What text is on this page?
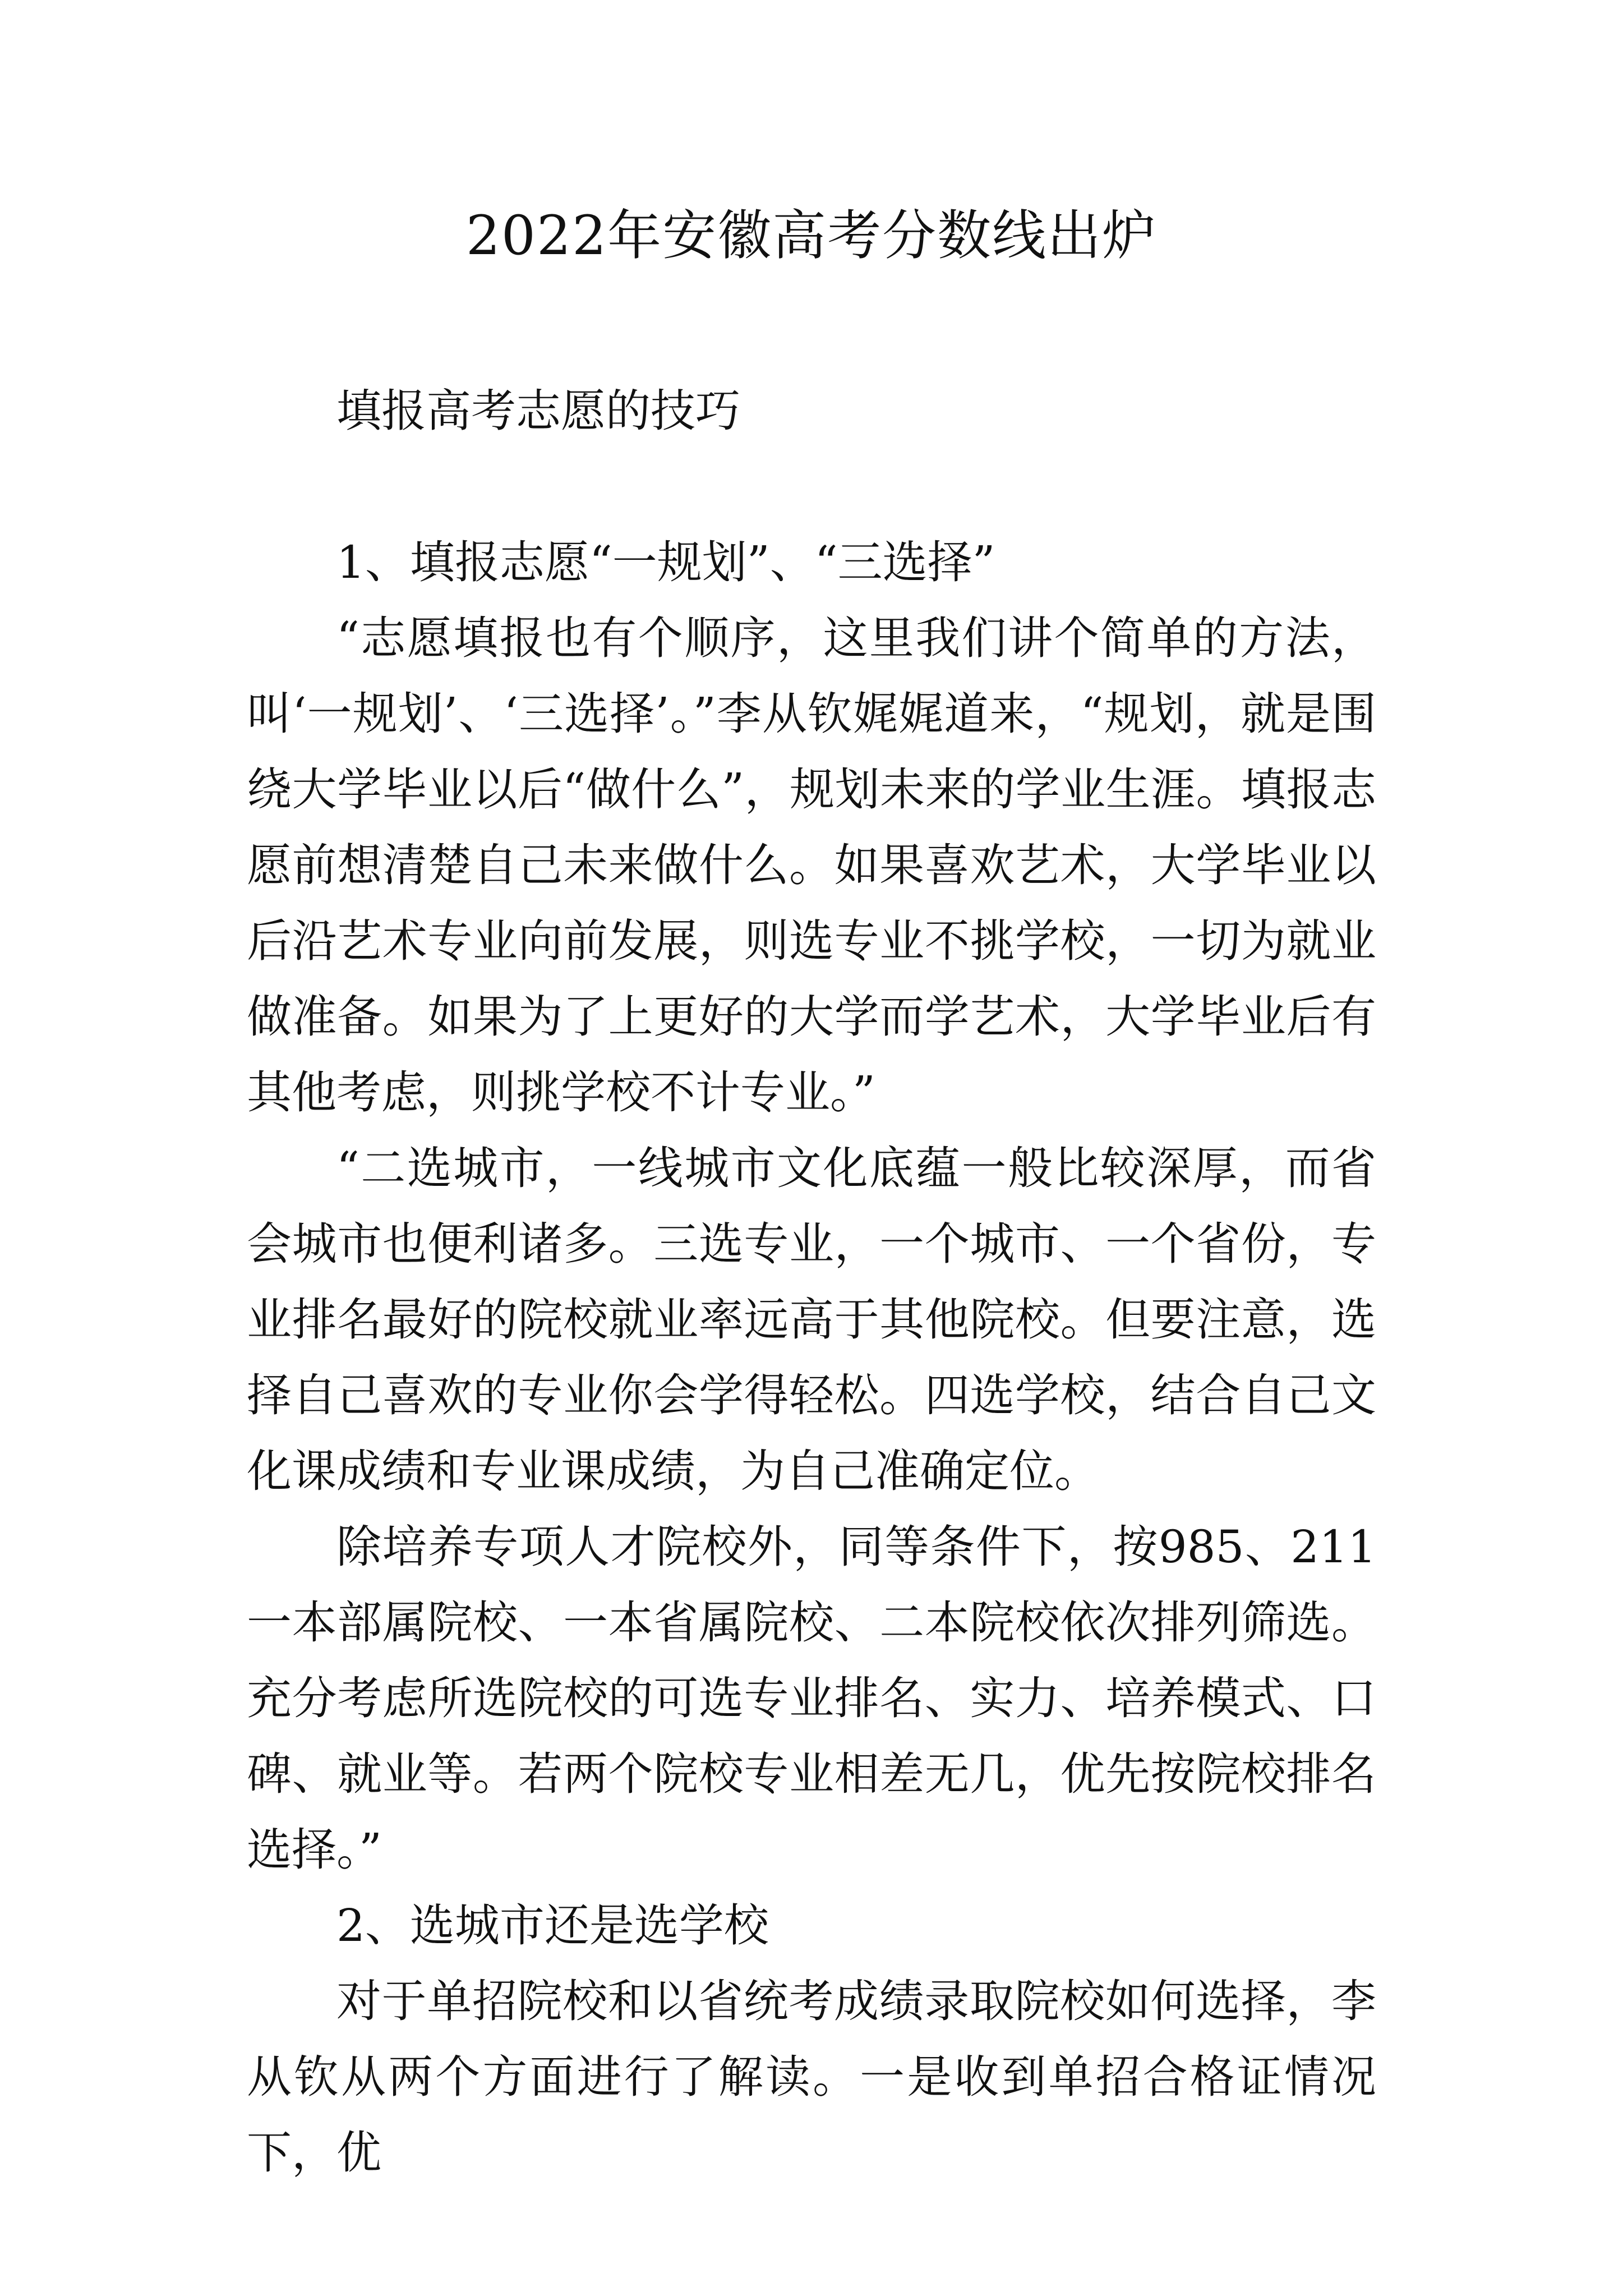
2022年安徽高考分数线出炉

填报高考志愿的技巧

1、填报志愿“一规划”、“三选择”

“志愿填报也有个顺序，这里我们讲个简单的方法，叫‘一规划’、‘三选择’。”李从钦娓娓道来，“规划，就是围绕大学毕业以后“做什么”，规划未来的学业生涯。填报志愿前想清楚自己未来做什么。如果喜欢艺术，大学毕业以后沿艺术专业向前发展，则选专业不挑学校，一切为就业做准备。如果为了上更好的大学而学艺术，大学毕业后有其他考虑，则挑学校不计专业。”

“二选城市，一线城市文化底蕴一般比较深厚，而省会城市也便利诸多。三选专业，一个城市、一个省份，专业排名最好的院校就业率远高于其他院校。但要注意，选择自己喜欢的专业你会学得轻松。四选学校，结合自己文化课成绩和专业课成绩，为自己准确定位。

除培养专项人才院校外，同等条件下，按985、211一本部属院校、一本省属院校、二本院校依次排列筛选。充分考虑所选院校的可选专业排名、实力、培养模式、口碑、就业等。若两个院校专业相差无几，优先按院校排名选择。”

2、选城市还是选学校

对于单招院校和以省统考成绩录取院校如何选择，李从钦从两个方面进行了解读。一是收到单招合格证情况下，优
